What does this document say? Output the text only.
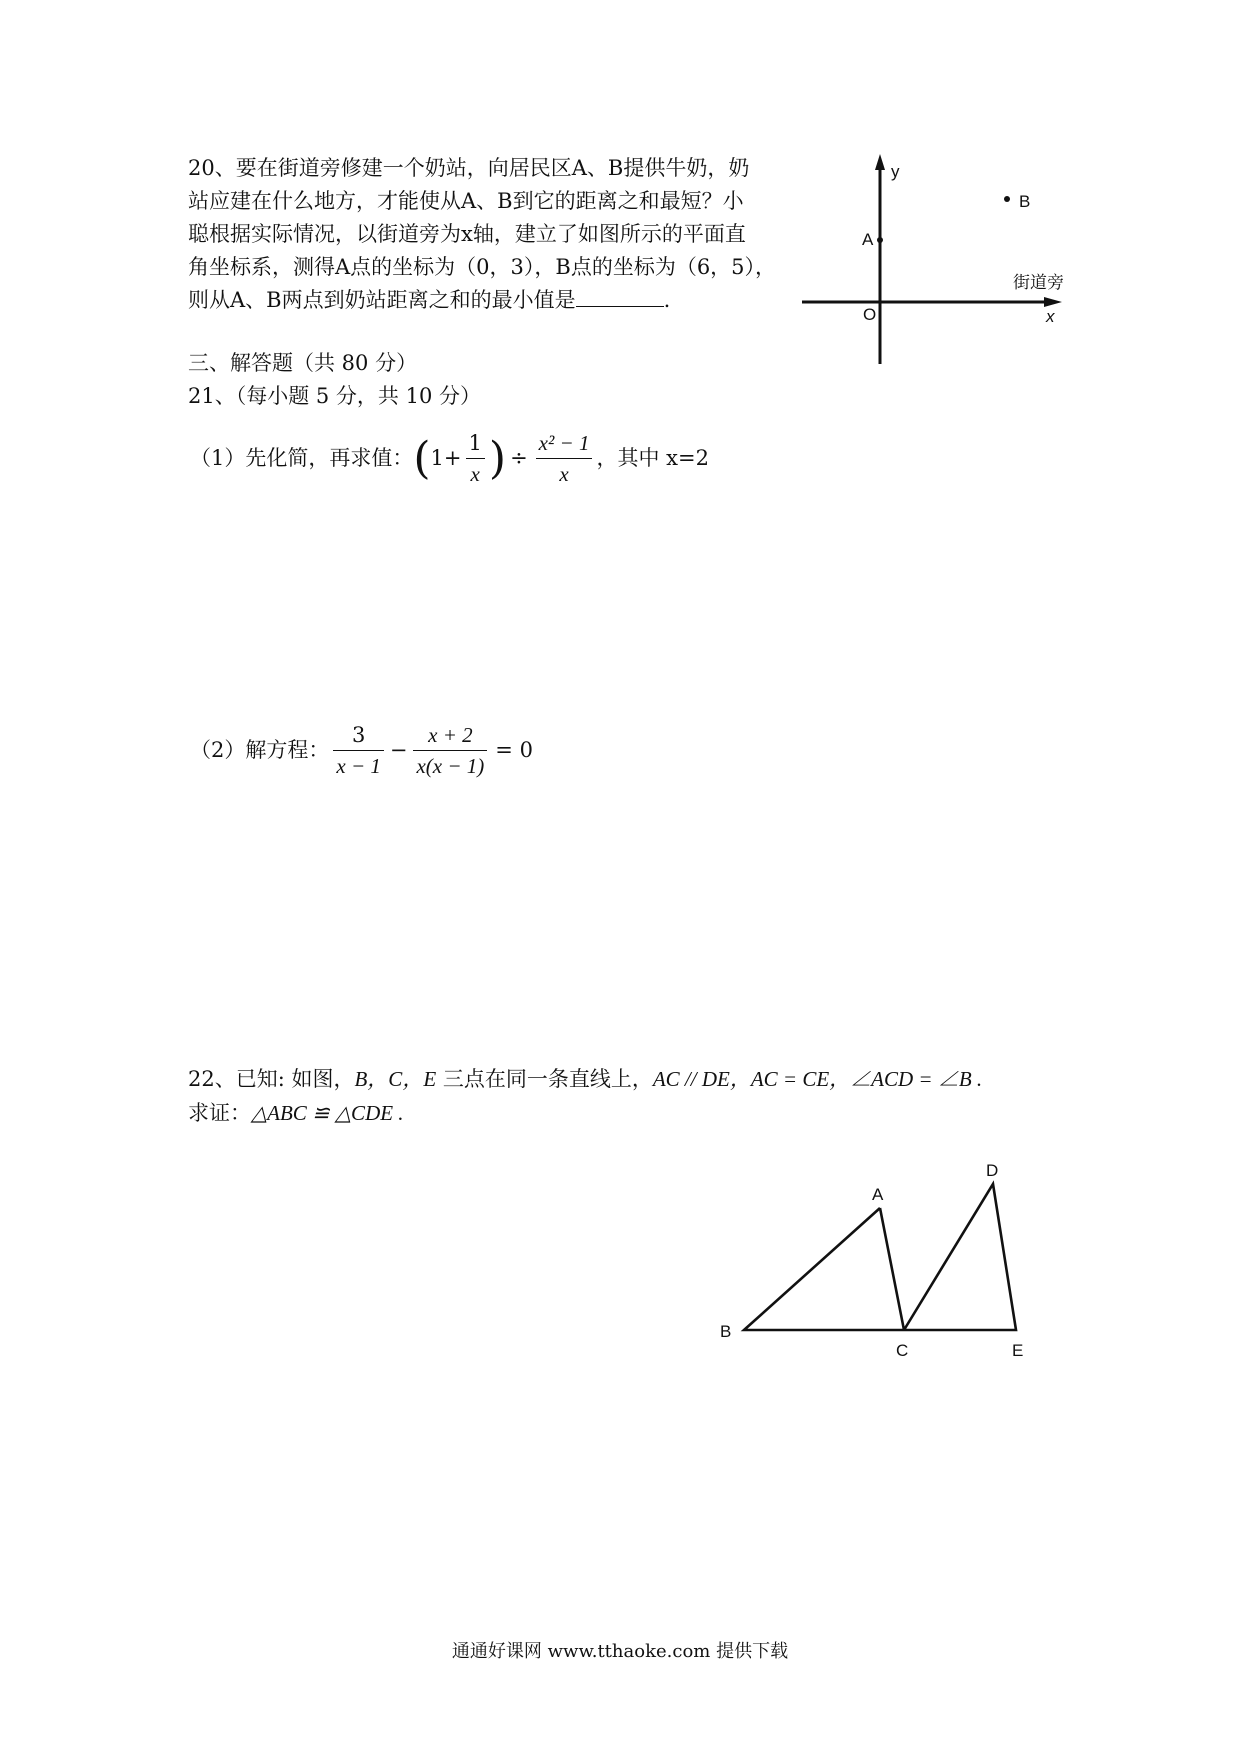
20、要在街道旁修建一个奶站，向居民区A、B提供牛奶，奶
站应建在什么地方，才能使从A、B到它的距离之和最短？小
聪根据实际情况，以街道旁为x轴，建立了如图所示的平面直
角坐标系，测得A点的坐标为（0，3），B点的坐标为（6，5），
则从A、B两点到奶站距离之和的最小值是	.
y
A
B
O
街道旁
x
三、解答题（共 80 分）
21、（每小题 5 分，共 10 分）
（1）先化简，再求值： ( $1+ \frac{1}{x}$ ) ÷ $\frac{\text{x² − 1}}{x}$ ，其中 x=2
（2）解方程： $\frac{3}{x - 1} - \frac{x + 2}{x(x - 1)} = 0$
22、已知: 如图，B，C，E 三点在同一条直线上，AC // DE，AC = CE，∠ACD = ∠B .
求证：△ABC ≌ △CDE .
A
B
C
D
E
通通好课网 www.tthaoke.com 提供下载
